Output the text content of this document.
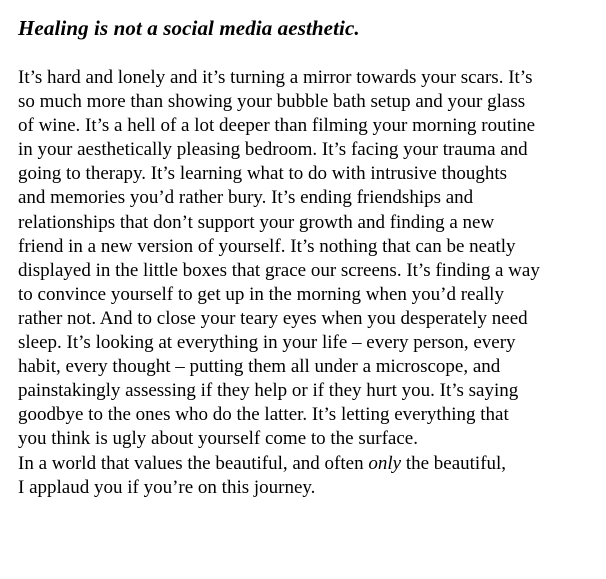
Healing is not a social media aesthetic.
It’s hard and lonely and it’s turning a mirror towards your scars. It’s
so much more than showing your bubble bath setup and your glass
of wine. It’s a hell of a lot deeper than filming your morning routine
in your aesthetically pleasing bedroom. It’s facing your trauma and
going to therapy. It’s learning what to do with intrusive thoughts
and memories you’d rather bury. It’s ending friendships and
relationships that don’t support your growth and finding a new
friend in a new version of yourself. It’s nothing that can be neatly
displayed in the little boxes that grace our screens. It’s finding a way
to convince yourself to get up in the morning when you’d really
rather not. And to close your teary eyes when you desperately need
sleep. It’s looking at everything in your life – every person, every
habit, every thought – putting them all under a microscope, and
painstakingly assessing if they help or if they hurt you. It’s saying
goodbye to the ones who do the latter. It’s letting everything that
you think is ugly about yourself come to the surface.
In a world that values the beautiful, and often only the beautiful,
I applaud you if you’re on this journey.
